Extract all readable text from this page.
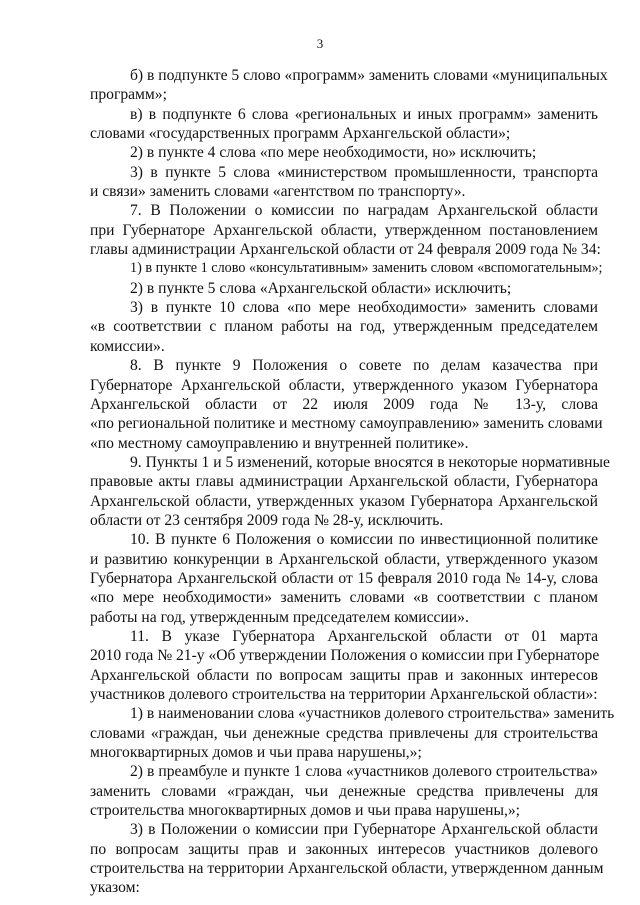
3
б) в подпункте 5 слово «программ» заменить словами «муниципальных
программ»;
в) в подпункте 6 слова «региональных и иных программ» заменить
словами «государственных программ Архангельской области»;
2) в пункте 4 слова «по мере необходимости, но» исключить;
3) в пункте 5 слова «министерством промышленности, транспорта
и связи» заменить словами «агентством по транспорту».
7. В Положении о комиссии по наградам Архангельской области
при Губернаторе Архангельской области, утвержденном постановлением
главы администрации Архангельской области от 24 февраля 2009 года № 34:
1) в пункте 1 слово «консультативным» заменить словом «вспомогательным»;
2) в пункте 5 слова «Архангельской области» исключить;
3) в пункте 10 слова «по мере необходимости» заменить словами
«в соответствии с планом работы на год, утвержденным председателем
комиссии».
8. В пункте 9 Положения о совете по делам казачества при
Губернаторе Архангельской области, утвержденного указом Губернатора
Архангельской области от 22 июля 2009 года № 13-у, слова
«по региональной политике и местному самоуправлению» заменить словами
«по местному самоуправлению и внутренней политике».
9. Пункты 1 и 5 изменений, которые вносятся в некоторые нормативные
правовые акты главы администрации Архангельской области, Губернатора
Архангельской области, утвержденных указом Губернатора Архангельской
области от 23 сентября 2009 года № 28-у, исключить.
10. В пункте 6 Положения о комиссии по инвестиционной политике
и развитию конкуренции в Архангельской области, утвержденного указом
Губернатора Архангельской области от 15 февраля 2010 года № 14-у, слова
«по мере необходимости» заменить словами «в соответствии с планом
работы на год, утвержденным председателем комиссии».
11. В указе Губернатора Архангельской области от 01 марта
2010 года № 21-у «Об утверждении Положения о комиссии при Губернаторе
Архангельской области по вопросам защиты прав и законных интересов
участников долевого строительства на территории Архангельской области»:
1) в наименовании слова «участников долевого строительства» заменить
словами «граждан, чьи денежные средства привлечены для строительства
многоквартирных домов и чьи права нарушены,»;
2) в преамбуле и пункте 1 слова «участников долевого строительства»
заменить словами «граждан, чьи денежные средства привлечены для
строительства многоквартирных домов и чьи права нарушены,»;
3) в Положении о комиссии при Губернаторе Архангельской области
по вопросам защиты прав и законных интересов участников долевого
строительства на территории Архангельской области, утвержденном данным
указом:
